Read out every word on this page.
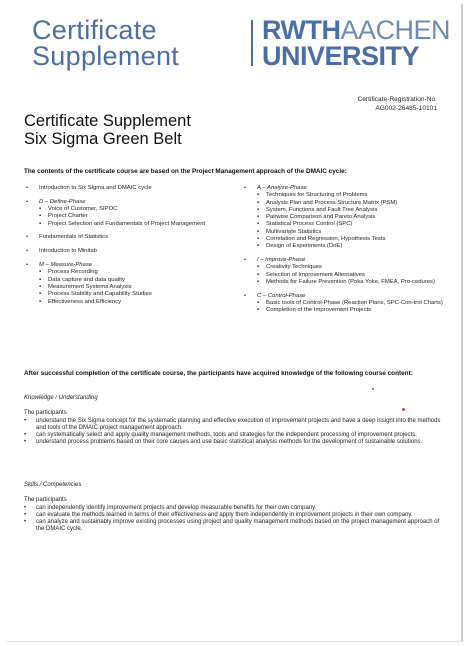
Certificate
Supplement
RWTHAACHEN
UNIVERSITY
Certificate-Registration-No.
AG002-26485-10101
Certificate Supplement
Six Sigma Green Belt
The contents of the certificate course are based on the Project Management approach of the DMAIC cycle:
• Introduction to Six Sigma and DMAIC cycle
• D – Define-Phase
▪ Voice of Customer, SIPOC
▪ Project Charter
▪ Project Selection and Fundamentals of Project Management
• Fundamentals of Statistics
• Introduction to Minitab
• M – Measure-Phase
▪ Process Recording
▪ Data capture and data quality
▪ Measurement Systems Analysis
▪ Process Stability and Capability Studies
▪ Effectiveness and Efficiency
• A – Analyze-Phase
▪ Techniques for Structuring of Problems
▪ Analysis Plan and Process Structure Matrix (PSM)
▪ System, Functions and Fault Tree Analysis
▪ Pairwise Comparison and Pareto Analysis
▪ Statistical Process Control (SPC)
▪ Multivariate Statistics
▪ Correlation and Regression, Hypothesis Tests
▪ Design of Experiments (DoE)
• I – Improve-Phase
▪ Creativity Techniques
▪ Selection of Improvement Alternatives
▪ Methods for Failure Prevention (Poka Yoke, FMEA, Pro-cedures)
• C – Control-Phase
▪ Basic tools of Control-Phase (Reaction Plans, SPC-Con-trol Charts)
▪ Completion of the Improvement Projects
After successful completion of the certificate course, the participants have acquired knowledge of the following course content:
Knowledge / Understanding
The participants
• understand the Six Sigma concept for the systematic planning and effective execution of improvement projects and have a deep insight into the methods and tools of the DMAIC project management approach.
• can systematically select and apply quality management methods, tools and strategies for the independent processing of improvement projects.
• understand process problems based on their core causes and use basic statistical analysis methods for the development of sustainable solutions.
Skills / Competencies
The participants
• can independently identify improvement projects and develop measurable benefits for their own company.
• can evaluate the methods learned in terms of their effectiveness and apply them independently in improvement projects in their own company.
• can analyze and sustainably improve existing processes using project and quality management methods based on the project management approach of the DMAIC cycle.
